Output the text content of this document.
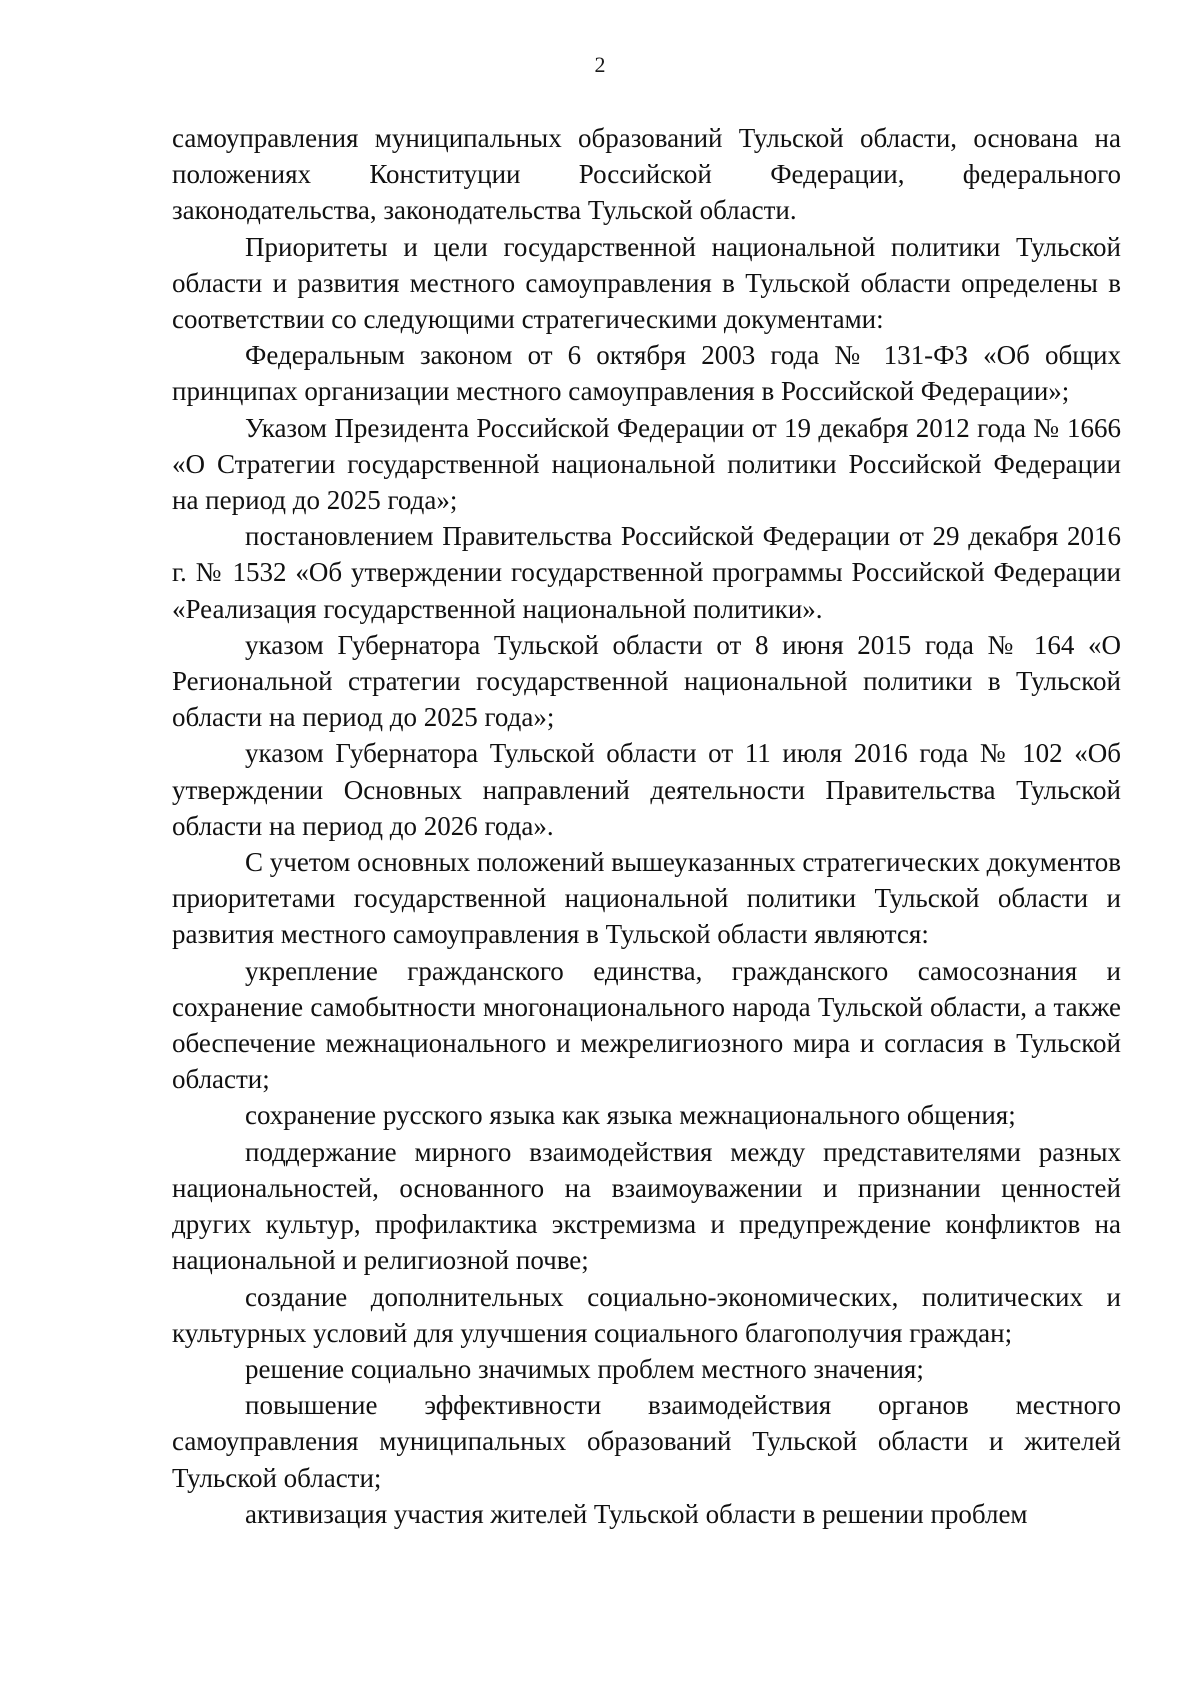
2

самоуправления муниципальных образований Тульской области, основана на положениях Конституции Российской Федерации, федерального законодательства, законодательства Тульской области.

Приоритеты и цели государственной национальной политики Тульской области и развития местного самоуправления в Тульской области определены в соответствии со следующими стратегическими документами:

Федеральным законом от 6 октября 2003 года № 131-ФЗ «Об общих принципах организации местного самоуправления в Российской Федерации»;

Указом Президента Российской Федерации от 19 декабря 2012 года № 1666 «О Стратегии государственной национальной политики Российской Федерации на период до 2025 года»;

постановлением Правительства Российской Федерации от 29 декабря 2016 г. № 1532 «Об утверждении государственной программы Российской Федерации «Реализация государственной национальной политики».

указом Губернатора Тульской области от 8 июня 2015 года № 164 «О Региональной стратегии государственной национальной политики в Тульской области на период до 2025 года»;

указом Губернатора Тульской области от 11 июля 2016 года № 102 «Об утверждении Основных направлений деятельности Правительства Тульской области на период до 2026 года».

С учетом основных положений вышеуказанных стратегических документов приоритетами государственной национальной политики Тульской области и развития местного самоуправления в Тульской области являются:

укрепление гражданского единства, гражданского самосознания и сохранение самобытности многонационального народа Тульской области, а также обеспечение межнационального и межрелигиозного мира и согласия в Тульской области;

сохранение русского языка как языка межнационального общения;

поддержание мирного взаимодействия между представителями разных национальностей, основанного на взаимоуважении и признании ценностей других культур, профилактика экстремизма и предупреждение конфликтов на национальной и религиозной почве;

создание дополнительных социально-экономических, политических и культурных условий для улучшения социального благополучия граждан;

решение социально значимых проблем местного значения;

повышение эффективности взаимодействия органов местного самоуправления муниципальных образований Тульской области и жителей Тульской области;

активизация участия жителей Тульской области в решении проблем
